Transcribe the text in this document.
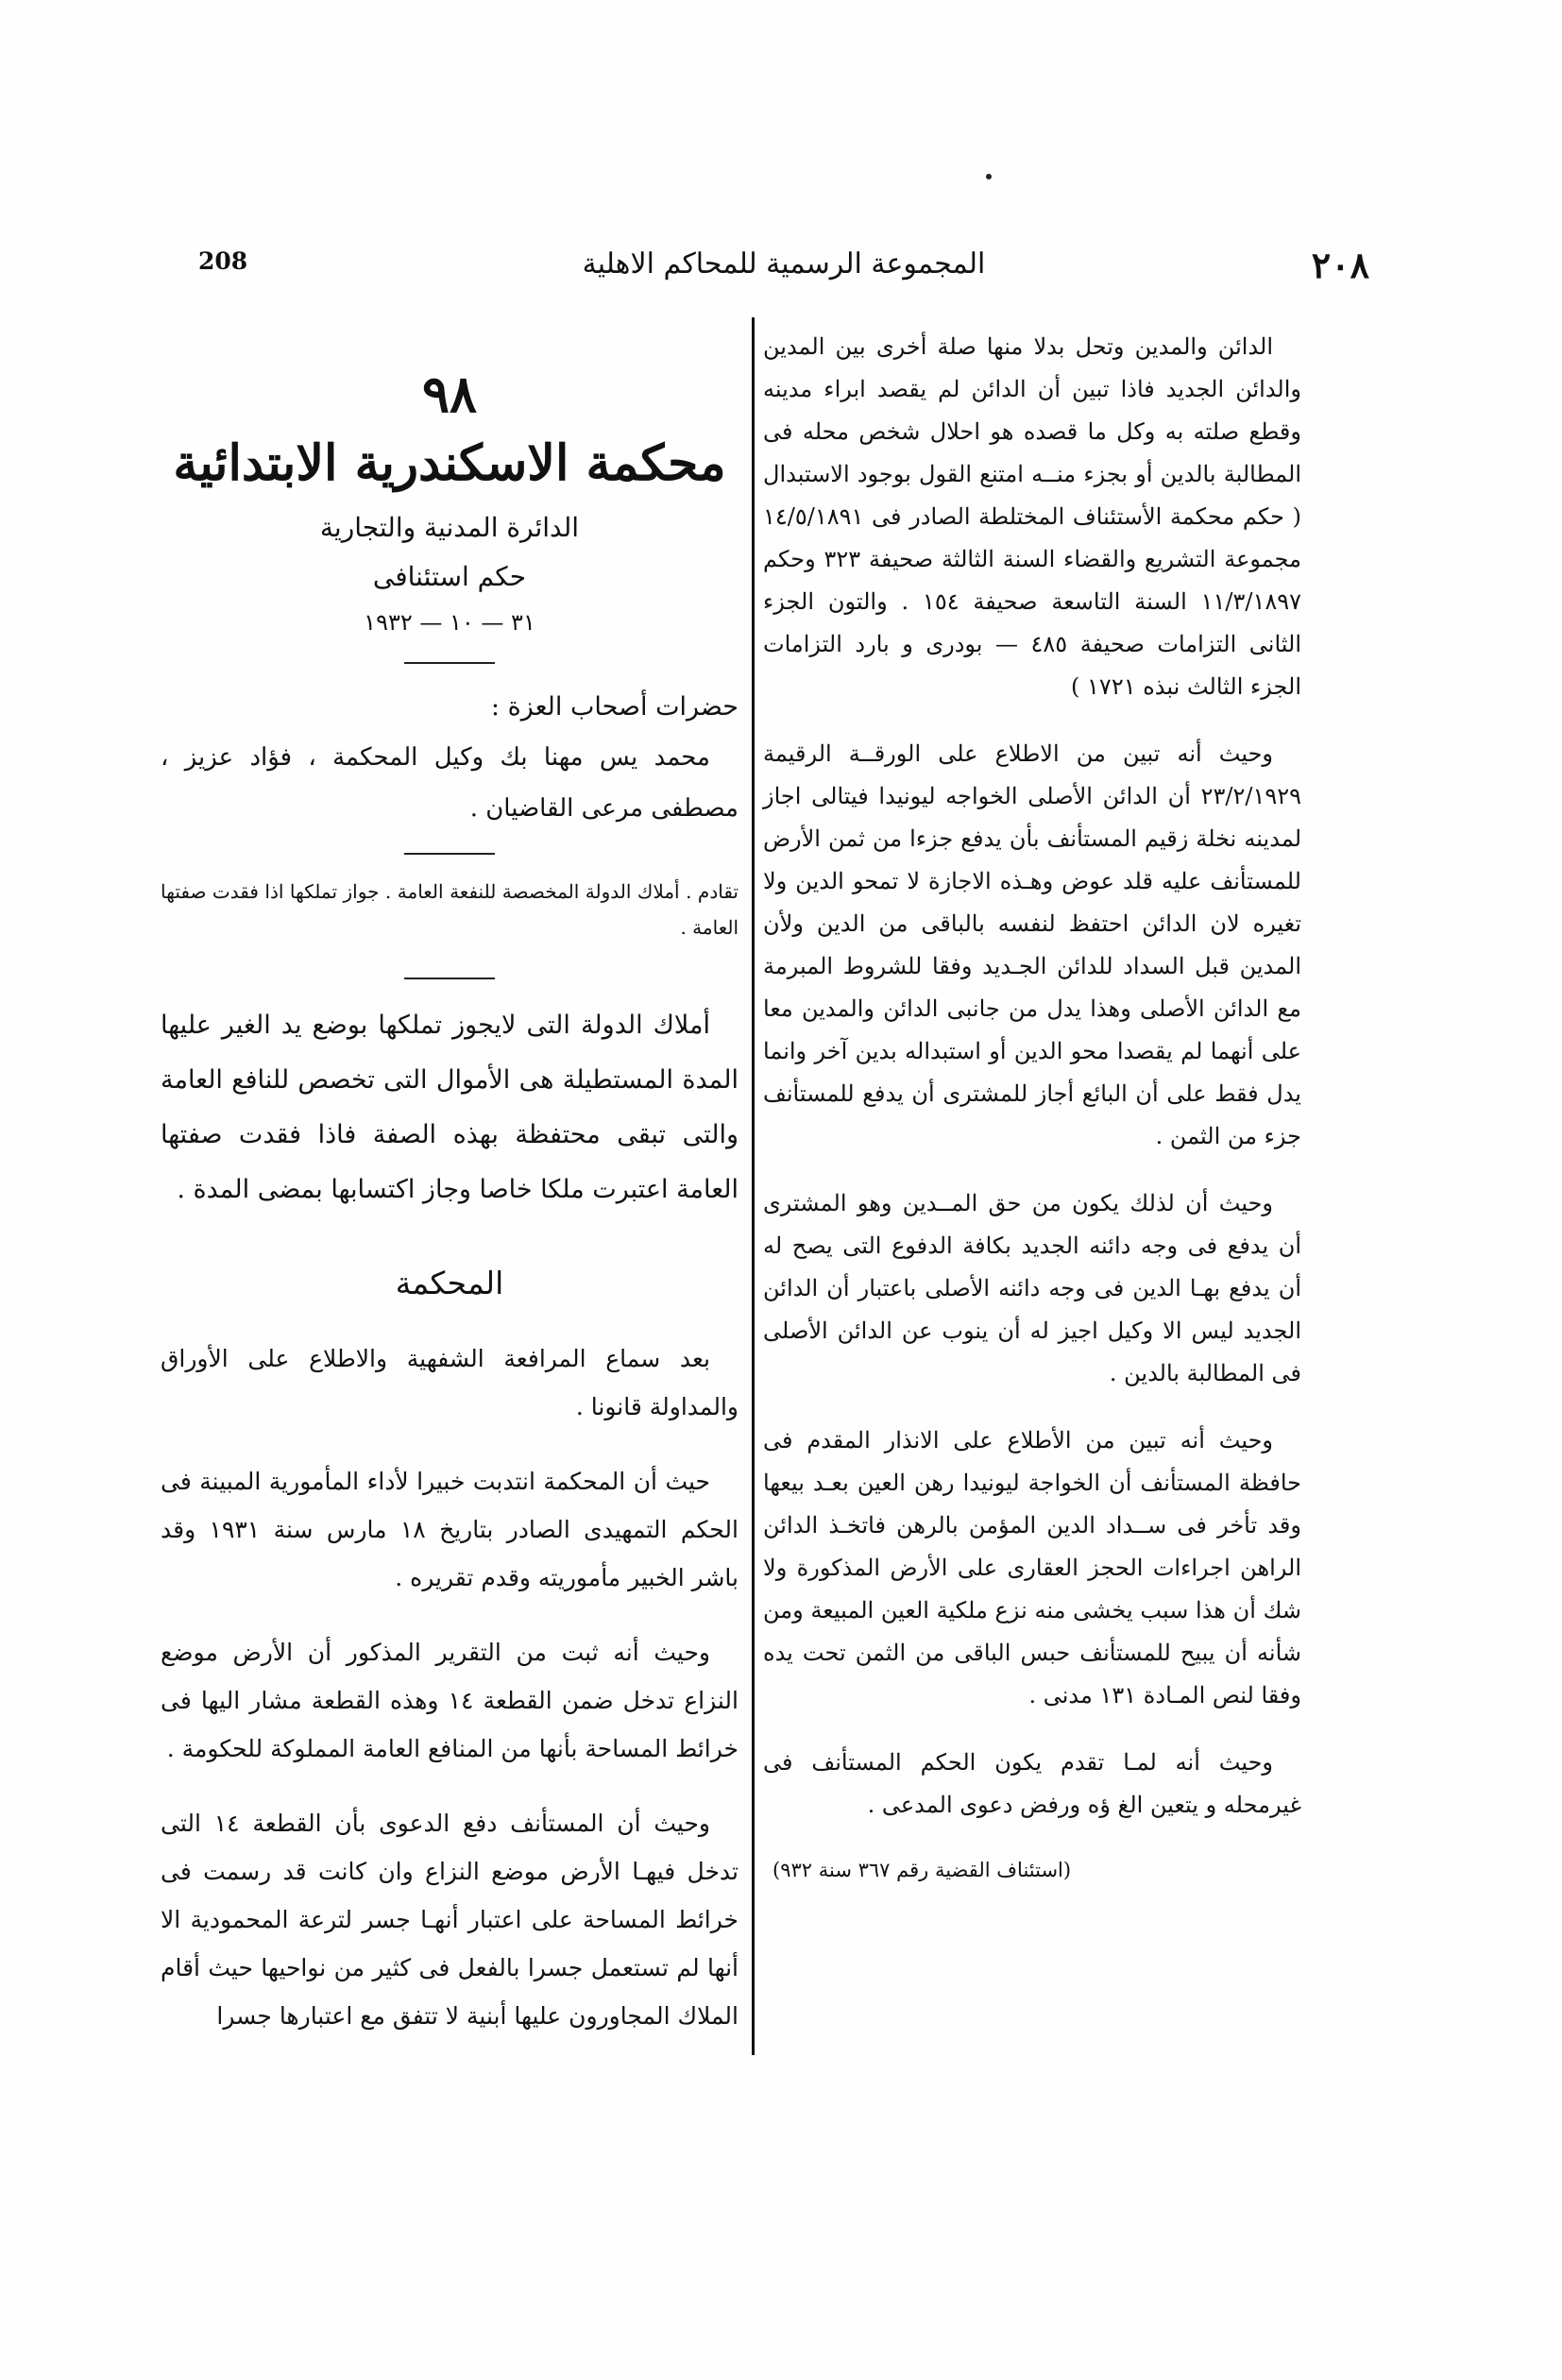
208	المجموعة الرسمية للمحاكم الاهلية	٢٠٨

الدائن والمدين وتحل بدلا منها صلة أخرى بين المدين والدائن الجديد فاذا تبين أن الدائن لم يقصد ابراء مدينه وقطع صلته به وكل ما قصده هو احلال شخص محله فى المطالبة بالدين أو بجزء منــه امتنع القول بوجود الاستبدال ( حكم محكمة الأستئناف المختلطة الصادر فى ١٤/٥/١٨٩١ مجموعة التشريع والقضاء السنة الثالثة صحيفة ٣٢٣ وحكم ١١/٣/١٨٩٧ السنة التاسعة صحيفة ١٥٤ . والتون الجزء الثانى التزامات صحيفة ٤٨٥ — بودرى و بارد التزامات الجزء الثالث نبذه ١٧٢١ )

وحيث أنه تبين من الاطلاع على الورقــة الرقيمة ٢٣/٢/١٩٢٩ أن الدائن الأصلى الخواجه ليونيدا فيتالى اجاز لمدينه نخلة زقيم المستأنف بأن يدفع جزءا من ثمن الأرض للمستأنف عليه قلد عوض وهـذه الاجازة لا تمحو الدين ولا تغيره لان الدائن احتفظ لنفسه بالباقى من الدين ولأن المدين قبل السداد للدائن الجـديد وفقا للشروط المبرمة مع الدائن الأصلى وهذا يدل من جانبى الدائن والمدين معا على أنهما لم يقصدا محو الدين أو استبداله بدين آخر وانما يدل فقط على أن البائع أجاز للمشترى أن يدفع للمستأنف جزء من الثمن .

وحيث أن لذلك يكون من حق المــدين وهو المشترى أن يدفع فى وجه دائنه الجديد بكافة الدفوع التى يصح له أن يدفع بهـا الدين فى وجه دائنه الأصلى باعتبار أن الدائن الجديد ليس الا وكيل اجيز له أن ينوب عن الدائن الأصلى فى المطالبة بالدين .

وحيث أنه تبين من الأطلاع على الانذار المقدم فى حافظة المستأنف أن الخواجة ليونيدا رهن العين بعـد بيعها وقد تأخر فى ســداد الدين المؤمن بالرهن فاتخـذ الدائن الراهن اجراءات الحجز العقارى على الأرض المذكورة ولا شك أن هذا سبب يخشى منه نزع ملكية العين المبيعة ومن شأنه أن يبيح للمستأنف حبس الباقى من الثمن تحت يده وفقا لنص المـادة ١٣١ مدنى .

وحيث أنه لمـا تقدم يكون الحكم المستأنف فى غيرمحله و يتعين الغ ؤه ورفض دعوى المدعى .

(استئناف القضية رقم ٣٦٧ سنة ٩٣٢)

٩٨
محكمة الاسكندرية الابتدائية
الدائرة المدنية والتجارية
حكم استئنافى
٣١ — ١٠ — ١٩٣٢
حضرات أصحاب العزة :
محمد يس مهنا بك وكيل المحكمة ، فؤاد عزيز ، مصطفى مرعى القاضيان .
تقادم . أملاك الدولة المخصصة للنفعة العامة . جواز تملكها اذا فقدت صفتها العامة .

أملاك الدولة التى لايجوز تملكها بوضع يد الغير عليها المدة المستطيلة هى الأموال التى تخصص للنافع العامة والتى تبقى محتفظة بهذه الصفة فاذا فقدت صفتها العامة اعتبرت ملكا خاصا وجاز اكتسابها بمضى المدة .

المحكمة

بعد سماع المرافعة الشفهية والاطلاع على الأوراق والمداولة قانونا .

حيث أن المحكمة انتدبت خبيرا لأداء المأمورية المبينة فى الحكم التمهيدى الصادر بتاريخ ١٨ مارس سنة ١٩٣١ وقد باشر الخبير مأموريته وقدم تقريره .

وحيث أنه ثبت من التقرير المذكور أن الأرض موضع النزاع تدخل ضمن القطعة ١٤ وهذه القطعة مشار اليها فى خرائط المساحة بأنها من المنافع العامة المملوكة للحكومة .

وحيث أن المستأنف دفع الدعوى بأن القطعة ١٤ التى تدخل فيهـا الأرض موضع النزاع وان كانت قد رسمت فى خرائط المساحة على اعتبار أنهـا جسر لترعة المحمودية الا أنها لم تستعمل جسرا بالفعل فى كثير من نواحيها حيث أقام الملاك المجاورون عليها أبنية لا تتفق مع اعتبارها جسرا
